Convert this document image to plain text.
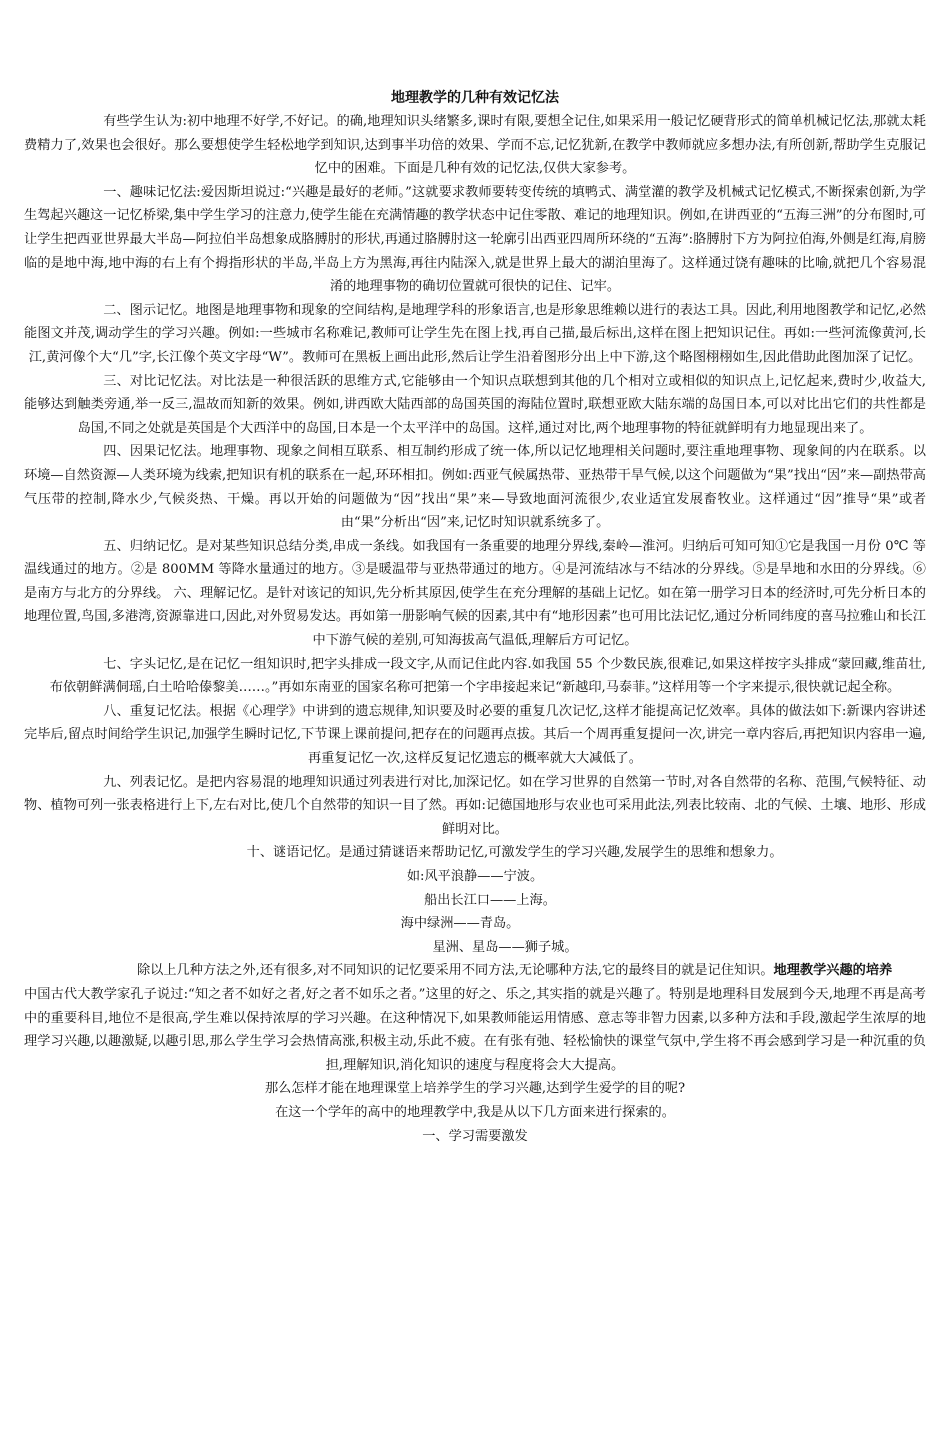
地理教学的几种有效记忆法

有些学生认为:初中地理不好学,不好记。的确,地理知识头绪繁多,课时有限,要想全记住,如果采用一般记忆硬背形式的简单机械记忆法,那就太耗费精力了,效果也会很好。那么要想使学生轻松地学到知识,达到事半功倍的效果、学而不忘,记忆犹新,在教学中教师就应多想办法,有所创新,帮助学生克服记忆中的困难。下面是几种有效的记忆法,仅供大家参考。

一、趣味记忆法:爱因斯坦说过:“兴趣是最好的老师。”这就要求教师要转变传统的填鸭式、满堂灌的教学及机械式记忆模式,不断探索创新,为学生驾起兴趣这一记忆桥梁,集中学生学习的注意力,使学生能在充满情趣的教学状态中记住零散、难记的地理知识。例如,在讲西亚的“五海三洲”的分布图时,可让学生把西亚世界最大半岛—阿拉伯半岛想象成胳膊肘的形状,再通过胳膊肘这一轮廓引出西亚四周所环绕的“五海”:胳膊肘下方为阿拉伯海,外侧是红海,肩膀临的是地中海,地中海的右上有个拇指形状的半岛,半岛上方为黑海,再往内陆深入,就是世界上最大的湖泊里海了。这样通过饶有趣味的比喻,就把几个容易混淆的地理事物的确切位置就可很快的记住、记牢。

二、图示记忆。地图是地理事物和现象的空间结构,是地理学科的形象语言,也是形象思维赖以进行的表达工具。因此,利用地图教学和记忆,必然能图文并茂,调动学生的学习兴趣。例如:一些城市名称难记,教师可让学生先在图上找,再自己描,最后标出,这样在图上把知识记住。再如:一些河流像黄河,长江,黄河像个大“几”字,长江像个英文字母“W”。教师可在黑板上画出此形,然后让学生沿着图形分出上中下游,这个略图栩栩如生,因此借助此图加深了记忆。

三、对比记忆法。对比法是一种很活跃的思维方式,它能够由一个知识点联想到其他的几个相对立或相似的知识点上,记忆起来,费时少,收益大,能够达到触类旁通,举一反三,温故而知新的效果。例如,讲西欧大陆西部的岛国英国的海陆位置时,联想亚欧大陆东端的岛国日本,可以对比出它们的共性都是岛国,不同之处就是英国是个大西洋中的岛国,日本是一个太平洋中的岛国。这样,通过对比,两个地理事物的特征就鲜明有力地显现出来了。

四、因果记忆法。地理事物、现象之间相互联系、相互制约形成了统一体,所以记忆地理相关问题时,要注重地理事物、现象间的内在联系。以环境—自然资源—人类环境为线索,把知识有机的联系在一起,环环相扣。例如:西亚气候属热带、亚热带干旱气候,以这个问题做为“果”找出“因”来—副热带高气压带的控制,降水少,气候炎热、干燥。再以开始的问题做为“因”找出“果”来—导致地面河流很少,农业适宜发展畜牧业。这样通过“因”推导“果”或者由“果”分析出“因”来,记忆时知识就系统多了。

五、归纳记忆。是对某些知识总结分类,串成一条线。如我国有一条重要的地理分界线,秦岭—淮河。归纳后可知可知①它是我国一月份 0℃ 等温线通过的地方。②是 800MM 等降水量通过的地方。③是暖温带与亚热带通过的地方。④是河流结冰与不结冰的分界线。⑤是旱地和水田的分界线。⑥是南方与北方的分界线。 六、理解记忆。是针对该记的知识,先分析其原因,使学生在充分理解的基础上记忆。如在第一册学习日本的经济时,可先分析日本的地理位置,鸟国,多港湾,资源靠进口,因此,对外贸易发达。再如第一册影响气候的因素,其中有“地形因素”也可用比法记忆,通过分析同纬度的喜马拉雅山和长江中下游气候的差别,可知海拔高气温低,理解后方可记忆。

七、字头记忆,是在记忆一组知识时,把字头排成一段文字,从而记住此内容.如我国 55 个少数民族,很难记,如果这样按字头排成“蒙回藏,维苗壮,布依朝鲜满侗瑶,白土哈哈傣黎美……。”再如东南亚的国家名称可把第一个字串接起来记“新越印,马泰菲。”这样用等一个字来提示,很快就记起全称。

八、重复记忆法。根据《心理学》中讲到的遗忘规律,知识要及时必要的重复几次记忆,这样才能提高记忆效率。具体的做法如下:新课内容讲述完毕后,留点时间给学生识记,加强学生瞬时记忆,下节课上课前提问,把存在的问题再点拔。其后一个周再重复提问一次,讲完一章内容后,再把知识内容串一遍,再重复记忆一次,这样反复记忆遗忘的概率就大大减低了。

九、列表记忆。是把内容易混的地理知识通过列表进行对比,加深记忆。如在学习世界的自然第一节时,对各自然带的名称、范围,气候特征、动物、植物可列一张表格进行上下,左右对比,使几个自然带的知识一目了然。再如:记德国地形与农业也可采用此法,列表比较南、北的气候、土壤、地形、形成鲜明对比。

十、谜语记忆。是通过猜谜语来帮助记忆,可激发学生的学习兴趣,发展学生的思维和想象力。

如:风平浪静——宁波。

船出长江口——上海。

海中绿洲——青岛。

星洲、星岛——狮子城。

除以上几种方法之外,还有很多,对不同知识的记忆要采用不同方法,无论哪种方法,它的最终目的就是记住知识。地理教学兴趣的培养

中国古代大教学家孔子说过:“知之者不如好之者,好之者不如乐之者。”这里的好之、乐之,其实指的就是兴趣了。特别是地理科目发展到今天,地理不再是高考中的重要科目,地位不是很高,学生难以保持浓厚的学习兴趣。在这种情况下,如果教师能运用情感、意志等非智力因素,以多种方法和手段,激起学生浓厚的地理学习兴趣,以趣激疑,以趣引思,那么学生学习会热情高涨,积极主动,乐此不疲。在有张有弛、轻松愉快的课堂气氛中,学生将不再会感到学习是一种沉重的负担,理解知识,消化知识的速度与程度将会大大提高。

那么怎样才能在地理课堂上培养学生的学习兴趣,达到学生爱学的目的呢?

在这一个学年的高中的地理教学中,我是从以下几方面来进行探索的。

一、学习需要激发
